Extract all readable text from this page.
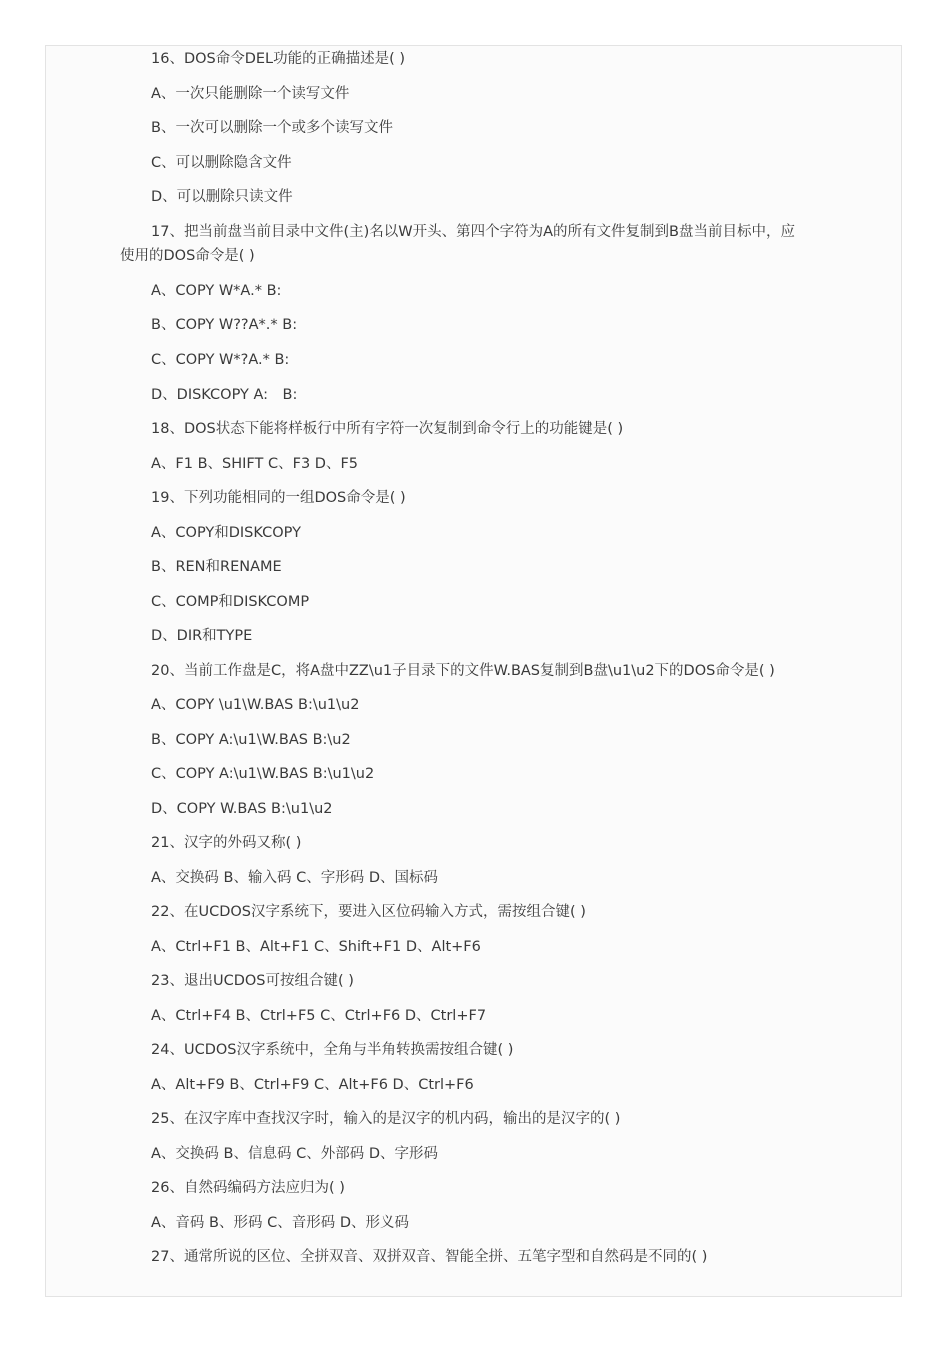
16、DOS命令DEL功能的正确描述是( )
A、一次只能删除一个读写文件
B、一次可以删除一个或多个读写文件
C、可以删除隐含文件
D、可以删除只读文件
17、把当前盘当前目录中文件(主)名以W开头、第四个字符为A的所有文件复制到B盘当前目标中，应
使用的DOS命令是( )
A、COPY W*A.* B:
B、COPY W??A*.* B:
C、COPY W*?A.* B:
D、DISKCOPY A:　B:
18、DOS状态下能将样板行中所有字符一次复制到命令行上的功能键是( )
A、F1 B、SHIFT C、F3 D、F5
19、下列功能相同的一组DOS命令是( )
A、COPY和DISKCOPY
B、REN和RENAME
C、COMP和DISKCOMP
D、DIR和TYPE
20、当前工作盘是C，将A盘中ZZ\u1子目录下的文件W.BAS复制到B盘\u1\u2下的DOS命令是( )
A、COPY \u1\W.BAS B:\u1\u2
B、COPY A:\u1\W.BAS B:\u2
C、COPY A:\u1\W.BAS B:\u1\u2
D、COPY W.BAS B:\u1\u2
21、汉字的外码又称( )
A、交换码 B、输入码 C、字形码 D、国标码
22、在UCDOS汉字系统下，要进入区位码输入方式，需按组合键( )
A、Ctrl+F1 B、Alt+F1 C、Shift+F1 D、Alt+F6
23、退出UCDOS可按组合键( )
A、Ctrl+F4 B、Ctrl+F5 C、Ctrl+F6 D、Ctrl+F7
24、UCDOS汉字系统中，全角与半角转换需按组合键( )
A、Alt+F9 B、Ctrl+F9 C、Alt+F6 D、Ctrl+F6
25、在汉字库中查找汉字时，输入的是汉字的机内码，输出的是汉字的( )
A、交换码 B、信息码 C、外部码 D、字形码
26、自然码编码方法应归为( )
A、音码 B、形码 C、音形码 D、形义码
27、通常所说的区位、全拼双音、双拼双音、智能全拼、五笔字型和自然码是不同的( )
